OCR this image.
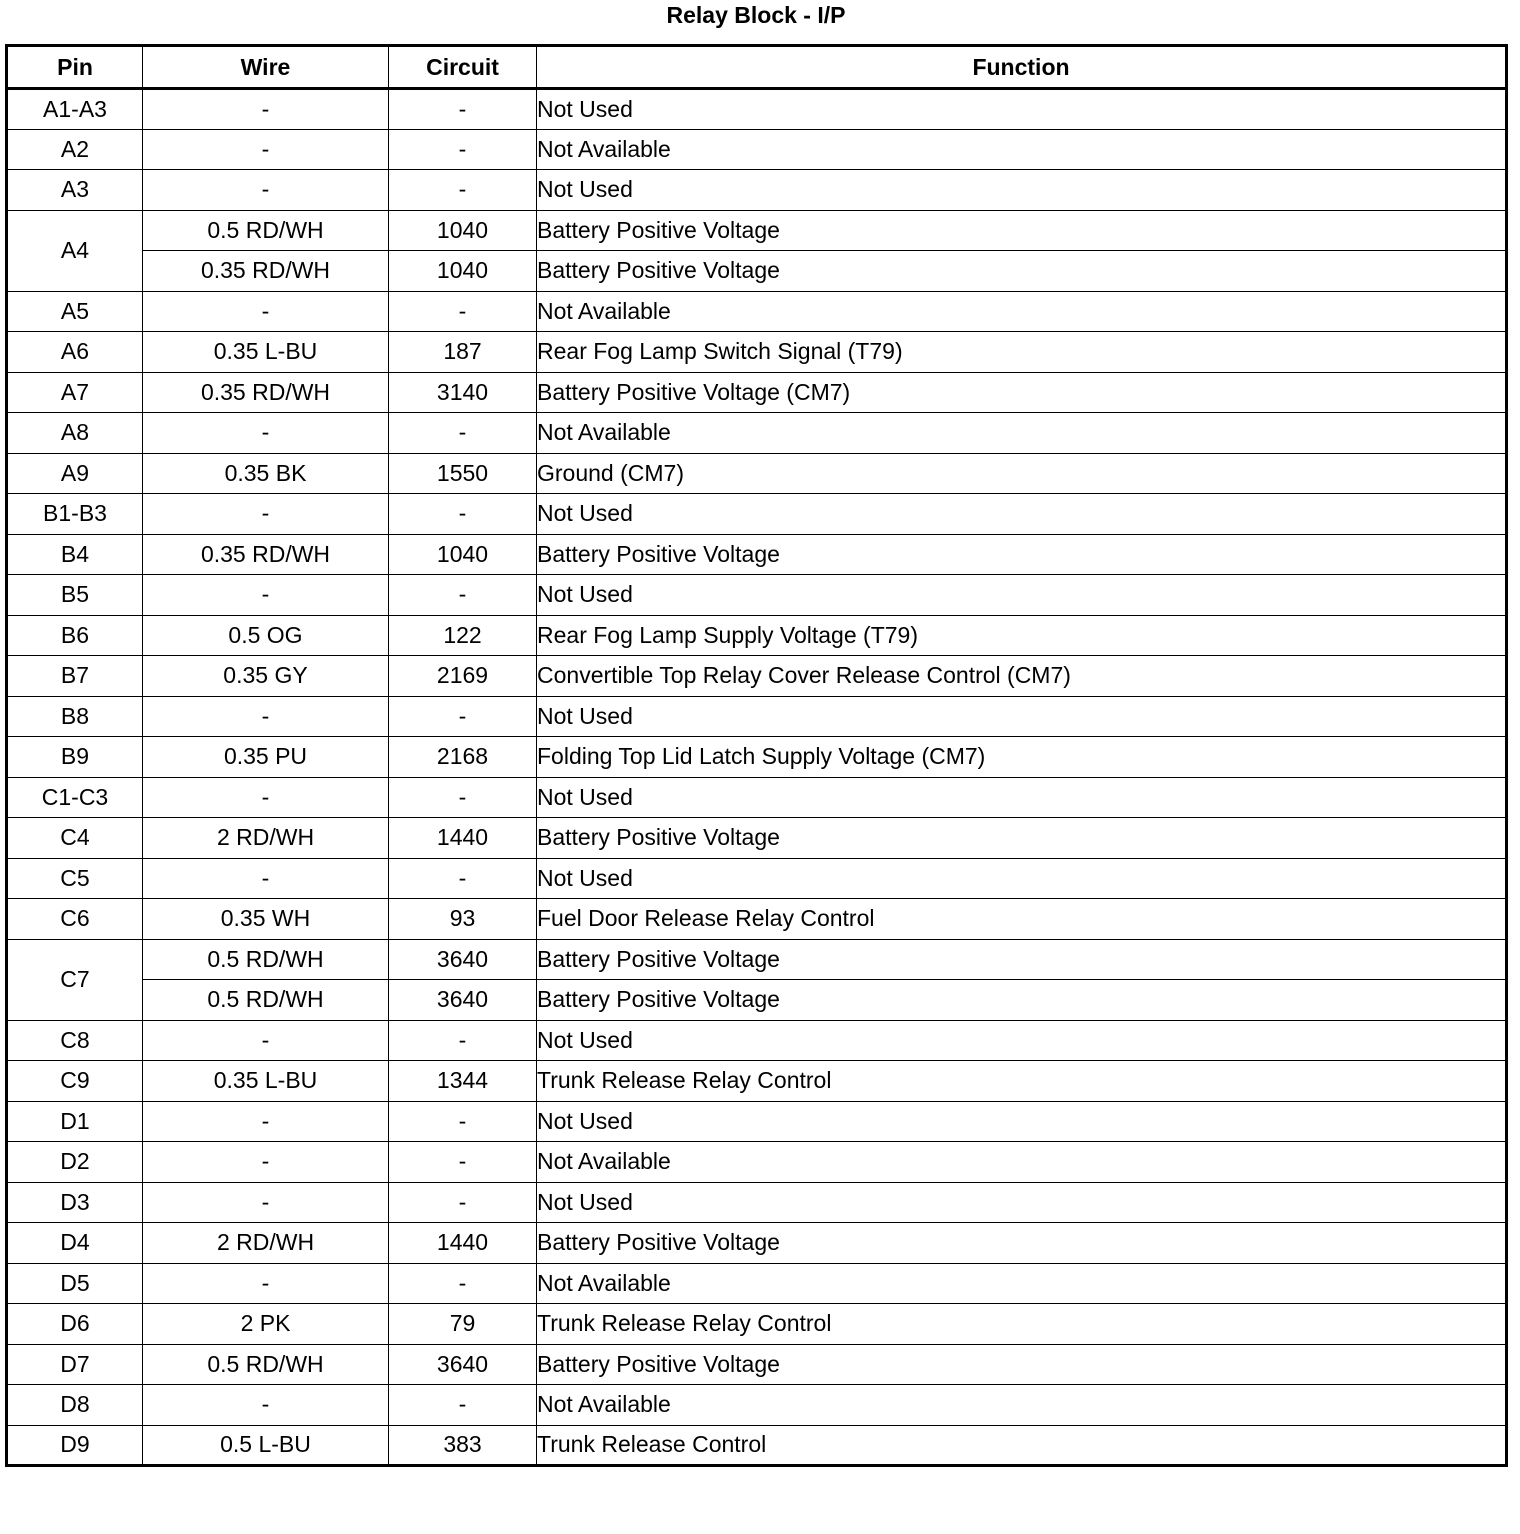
Relay Block - I/P
Pin	Wire	Circuit	Function
A1-A3	-	-	Not Used
A2	-	-	Not Available
A3	-	-	Not Used
A4	0.5 RD/WH	1040	Battery Positive Voltage
	0.35 RD/WH	1040	Battery Positive Voltage
A5	-	-	Not Available
A6	0.35 L-BU	187	Rear Fog Lamp Switch Signal (T79)
A7	0.35 RD/WH	3140	Battery Positive Voltage (CM7)
A8	-	-	Not Available
A9	0.35 BK	1550	Ground (CM7)
B1-B3	-	-	Not Used
B4	0.35 RD/WH	1040	Battery Positive Voltage
B5	-	-	Not Used
B6	0.5 OG	122	Rear Fog Lamp Supply Voltage (T79)
B7	0.35 GY	2169	Convertible Top Relay Cover Release Control (CM7)
B8	-	-	Not Used
B9	0.35 PU	2168	Folding Top Lid Latch Supply Voltage (CM7)
C1-C3	-	-	Not Used
C4	2 RD/WH	1440	Battery Positive Voltage
C5	-	-	Not Used
C6	0.35 WH	93	Fuel Door Release Relay Control
C7	0.5 RD/WH	3640	Battery Positive Voltage
	0.5 RD/WH	3640	Battery Positive Voltage
C8	-	-	Not Used
C9	0.35 L-BU	1344	Trunk Release Relay Control
D1	-	-	Not Used
D2	-	-	Not Available
D3	-	-	Not Used
D4	2 RD/WH	1440	Battery Positive Voltage
D5	-	-	Not Available
D6	2 PK	79	Trunk Release Relay Control
D7	0.5 RD/WH	3640	Battery Positive Voltage
D8	-	-	Not Available
D9	0.5 L-BU	383	Trunk Release Control
